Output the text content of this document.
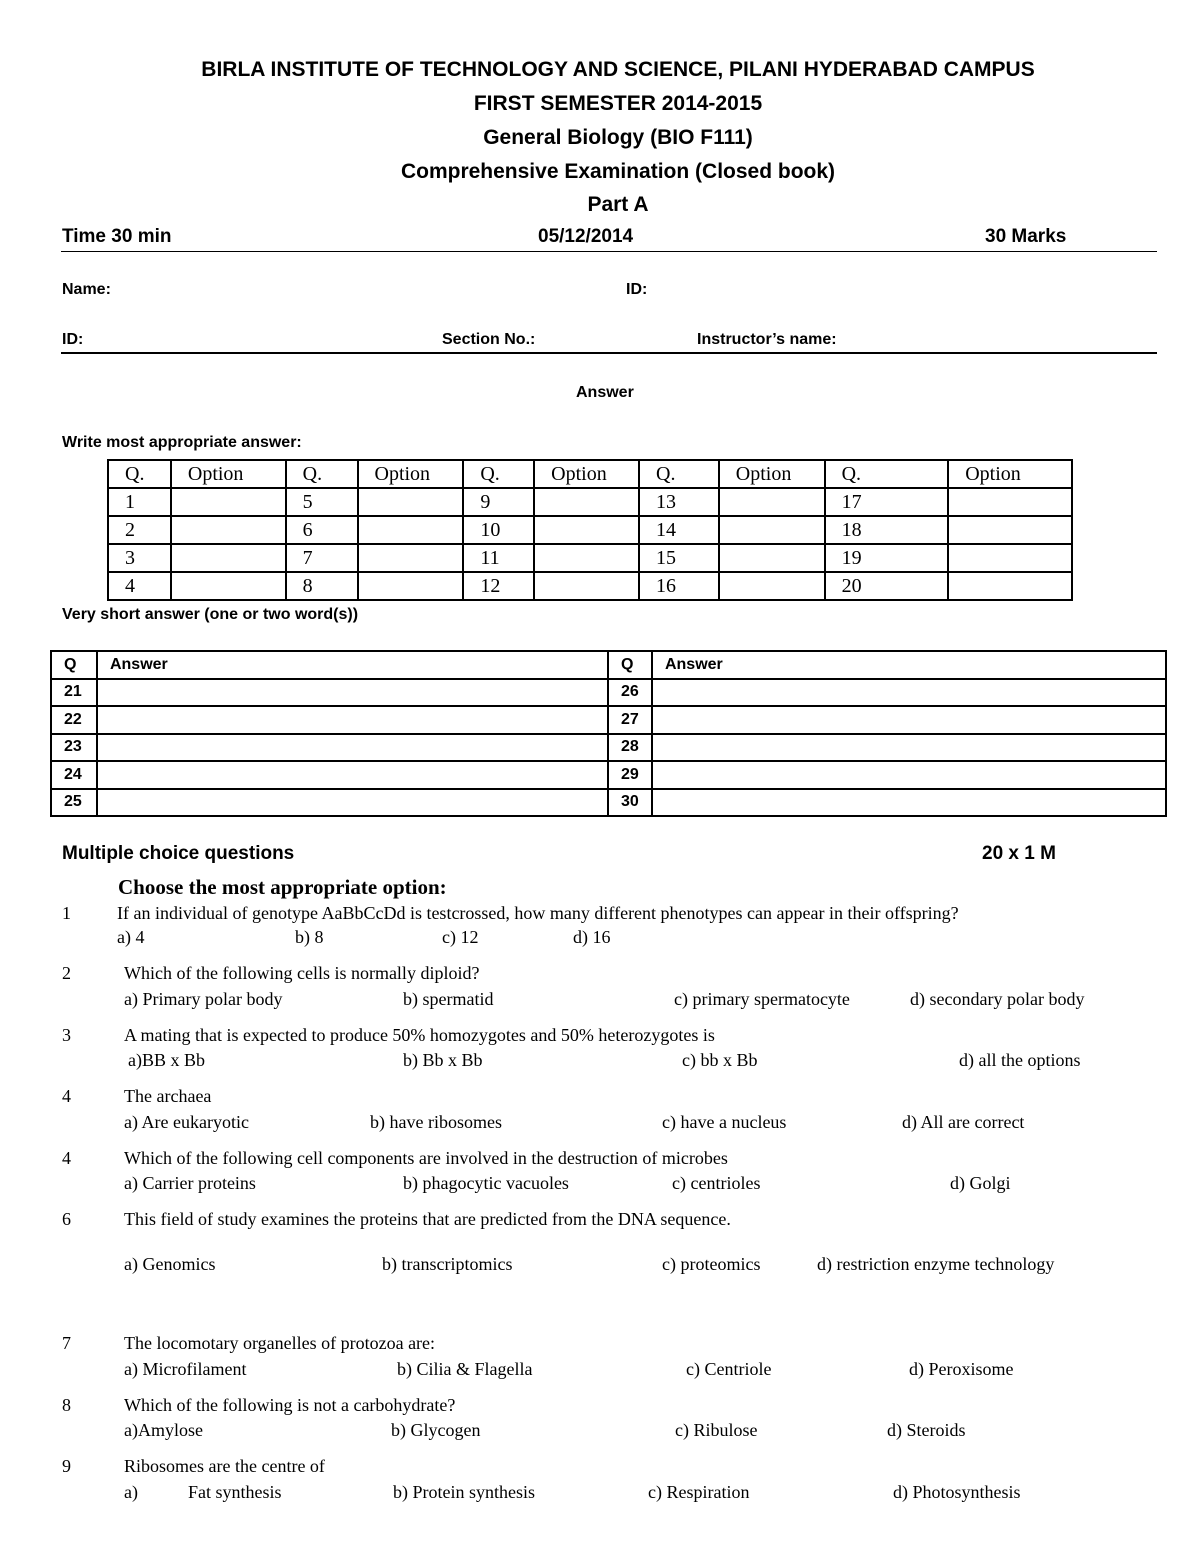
BIRLA INSTITUTE OF TECHNOLOGY AND SCIENCE, PILANI HYDERABAD CAMPUS
FIRST SEMESTER 2014-2015
General Biology (BIO F111)
Comprehensive Examination (Closed book)
Part A
Time 30 min	05/12/2014	30 Marks
Name:	ID:
ID:	Section No.:	Instructor’s name:
Answer
Write most appropriate answer:
Q.	Option	Q.	Option	Q.	Option	Q.	Option	Q.	Option
1		5		9		13		17	
2		6		10		14		18	
3		7		11		15		19	
4		8		12		16		20	
Very short answer (one or two word(s))
Q	Answer	Q	Answer
21		26	
22		27	
23		28	
24		29	
25		30	
Multiple choice questions	20 x 1 M
Choose the most appropriate option:
1	If an individual of genotype AaBbCcDd is testcrossed, how many different phenotypes can appear in their offspring?
a) 4	b) 8	c) 12	d) 16
2	Which of the following cells is normally diploid?
a) Primary polar body	b) spermatid	c) primary spermatocyte	d) secondary polar body
3	A mating that is expected to produce 50% homozygotes and 50% heterozygotes is
a)BB x Bb	b) Bb x Bb	c) bb x Bb	d) all the options
4	The archaea
a) Are eukaryotic	b) have ribosomes	c) have a nucleus	d) All are correct
4	Which of the following cell components are involved in the destruction of microbes
a) Carrier proteins	b) phagocytic vacuoles	c) centrioles	d) Golgi
6	This field of study examines the proteins that are predicted from the DNA sequence.
a) Genomics	b) transcriptomics	c) proteomics	d) restriction enzyme technology
7	The locomotary organelles of protozoa are:
a) Microfilament	b) Cilia & Flagella	c) Centriole	d) Peroxisome
8	Which of the following is not a carbohydrate?
a)Amylose	b) Glycogen	c) Ribulose	d) Steroids
9	Ribosomes are the centre of
a)	Fat synthesis	b) Protein synthesis	c) Respiration	d) Photosynthesis
